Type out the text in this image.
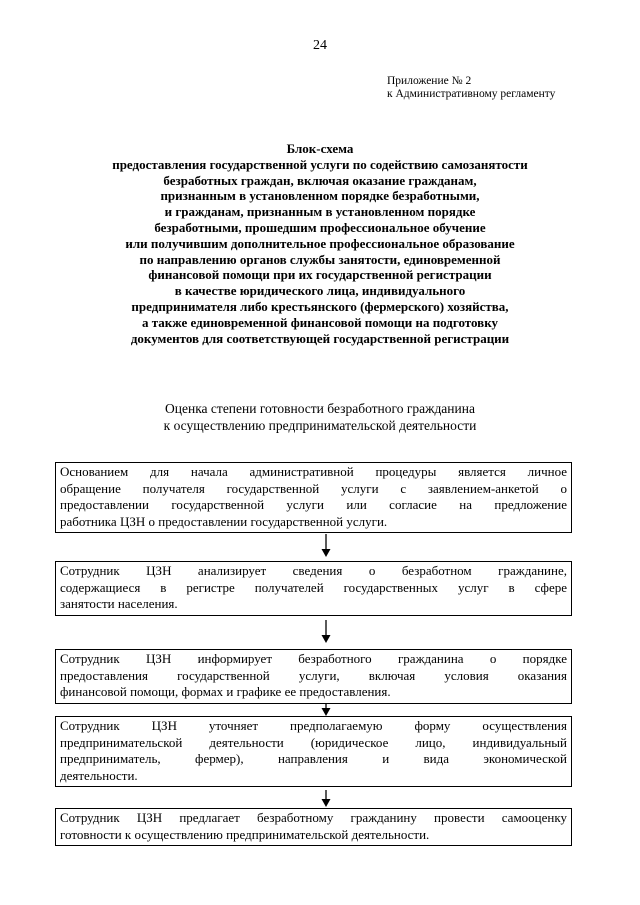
24
Приложение № 2
к Административному регламенту
Блок-схема
предоставления государственной услуги по содействию самозанятости
безработных граждан, включая оказание гражданам,
признанным в установленном порядке безработными,
и гражданам, признанным в установленном порядке
безработными, прошедшим профессиональное обучение
или получившим дополнительное профессиональное образование
по направлению органов службы занятости, единовременной
финансовой помощи при их государственной регистрации
в качестве юридического лица, индивидуального
предпринимателя либо крестьянского (фермерского) хозяйства,
а также единовременной финансовой помощи на подготовку
документов для соответствующей государственной регистрации
Оценка степени готовности безработного гражданина
к осуществлению предпринимательской деятельности
Основанием для начала административной процедуры является личное
обращение получателя государственной услуги с заявлением-анкетой о
предоставлении государственной услуги или согласие на предложение
работника ЦЗН о предоставлении государственной услуги.
Сотрудник ЦЗН анализирует сведения о безработном гражданине,
содержащиеся в регистре получателей государственных услуг в сфере
занятости населения.
Сотрудник ЦЗН информирует безработного гражданина о порядке
предоставления государственной услуги, включая условия оказания
финансовой помощи, формах и графике ее предоставления.
Сотрудник ЦЗН уточняет предполагаемую форму осуществления
предпринимательской деятельности (юридическое лицо, индивидуальный
предприниматель, фермер), направления и вида экономической
деятельности.
Сотрудник ЦЗН предлагает безработному гражданину провести самооценку
готовности к осуществлению предпринимательской деятельности.
